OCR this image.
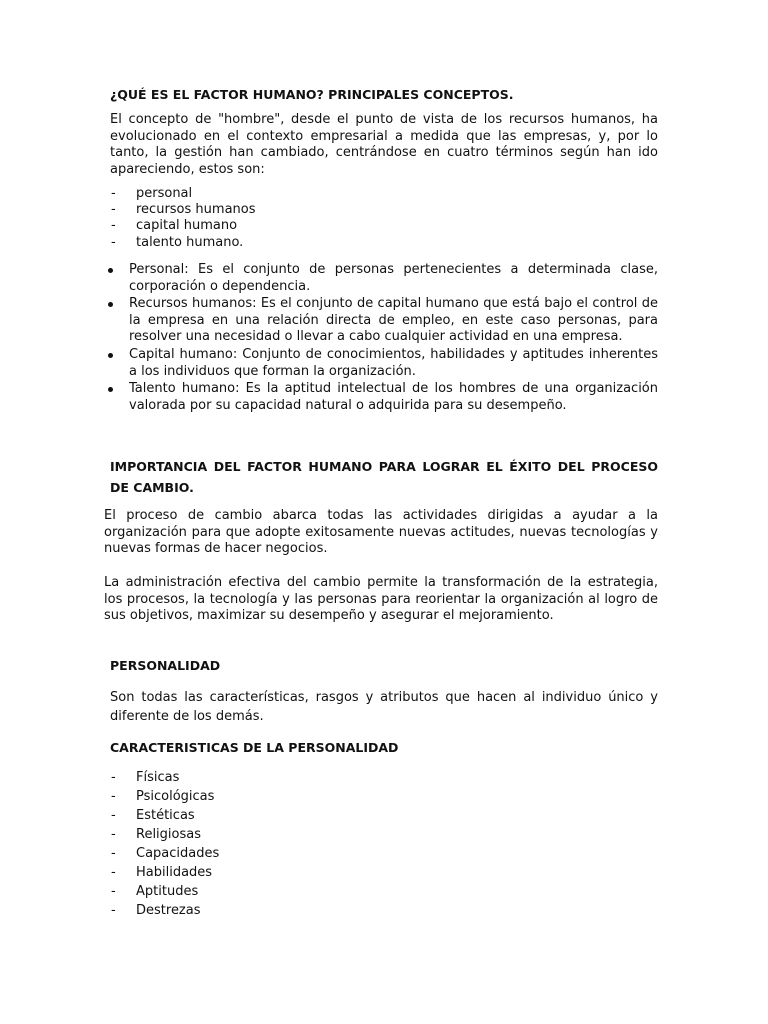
¿QUÉ ES EL FACTOR HUMANO? PRINCIPALES CONCEPTOS.

El concepto de "hombre", desde el punto de vista de los recursos humanos, ha evolucionado en el contexto empresarial a medida que las empresas, y, por lo tanto, la gestión han cambiado, centrándose en cuatro términos según han ido apareciendo, estos son:

- personal
- recursos humanos
- capital humano
- talento humano.
Personal: Es el conjunto de personas pertenecientes a determinada clase, corporación o dependencia.
Recursos humanos: Es el conjunto de capital humano que está bajo el control de la empresa en una relación directa de empleo, en este caso personas, para resolver una necesidad o llevar a cabo cualquier actividad en una empresa.
Capital humano: Conjunto de conocimientos, habilidades y aptitudes inherentes a los individuos que forman la organización.
Talento humano: Es la aptitud intelectual de los hombres de una organización valorada por su capacidad natural o adquirida para su desempeño.
IMPORTANCIA DEL FACTOR HUMANO PARA LOGRAR EL ÉXITO DEL PROCESO DE CAMBIO.

El proceso de cambio abarca todas las actividades dirigidas a ayudar a la organización para que adopte exitosamente nuevas actitudes, nuevas tecnologías y nuevas formas de hacer negocios.

La administración efectiva del cambio permite la transformación de la estrategia, los procesos, la tecnología y las personas para reorientar la organización al logro de sus objetivos, maximizar su desempeño y asegurar el mejoramiento.

PERSONALIDAD

Son todas las características, rasgos y atributos que hacen al individuo único y diferente de los demás.

CARACTERISTICAS DE LA PERSONALIDAD
- Físicas
- Psicológicas
- Estéticas
- Religiosas
- Capacidades
- Habilidades
- Aptitudes
- Destrezas
